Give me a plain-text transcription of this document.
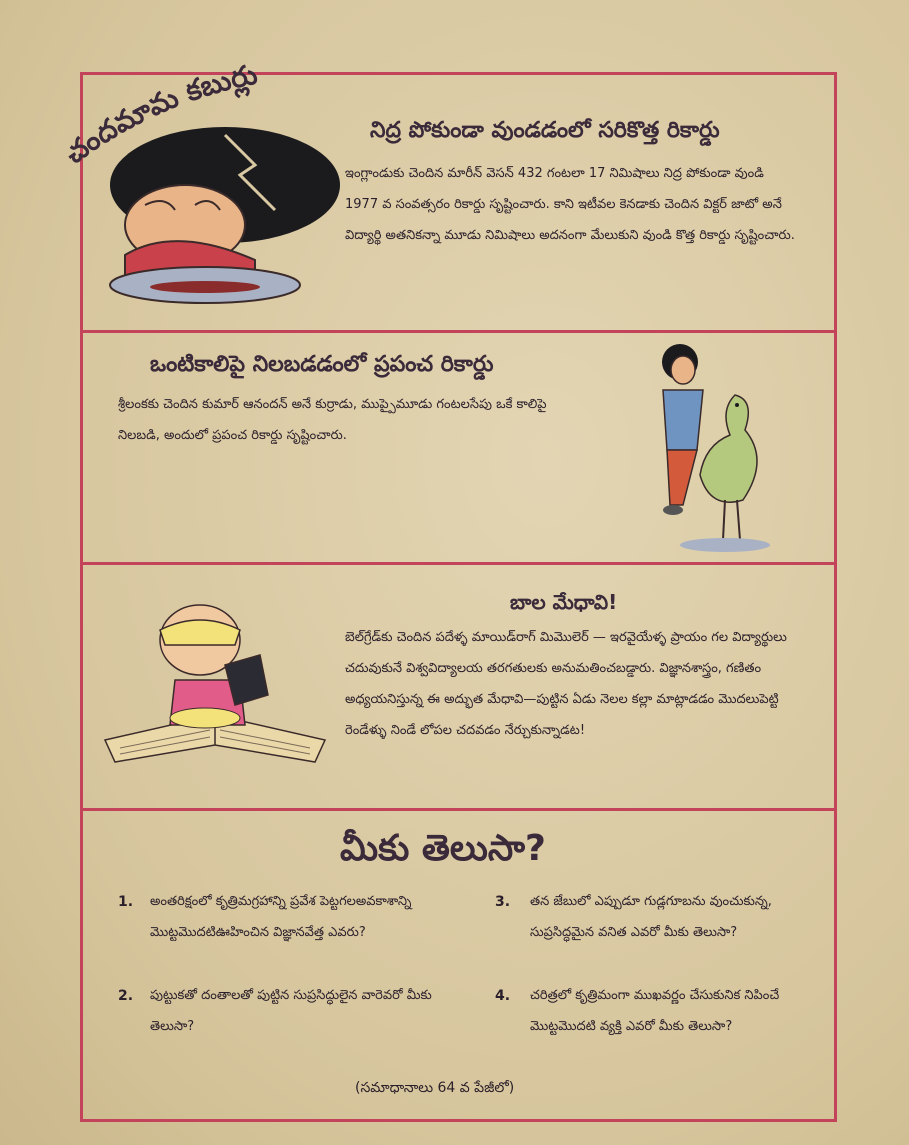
చందమామ కబుర్లు
నిద్ర పోకుండా వుండడంలో సరికొత్త రికార్డు
ఇంగ్లాండుకు చెందిన మారీన్ వెసన్ 432 గంటలా 17 నిమిషాలు నిద్ర పోకుండా వుండి 1977 వ సంవత్సరం రికార్డు సృష్టించారు. కాని ఇటీవల కెనడాకు చెందిన విక్టర్ జాటో అనే విద్యార్థి అతనికన్నా మూడు నిమిషాలు అదనంగా మేలుకుని వుండి కొత్త రికార్డు సృష్టించారు.
ఒంటికాలిపై నిలబడడంలో ప్రపంచ రికార్డు
శ్రీలంకకు చెందిన కుమార్ ఆనందన్ అనే కుర్రాడు, ముప్పైమూడు గంటలసేపు ఒకే కాలిపై నిలబడి, అందులో ప్రపంచ రికార్డు సృష్టించారు.
బాల మేధావి!
బెల్‌గ్రేడ్‌కు చెందిన పదేళ్ళ మాయిడ్‌రాగ్ మిమొలెర్ — ఇరవైయేళ్ళ ప్రాయం గల విద్యార్థులు చదువుకునే విశ్వవిద్యాలయ తరగతులకు అనుమతించబడ్డారు. విజ్ఞానశాస్త్రం, గణితం అధ్యయనిస్తున్న ఈ అద్భుత మేధావి—పుట్టిన ఏడు నెలల కల్లా మాట్లాడడం మొదలుపెట్టి రెండేళ్ళు నిండే లోపల చదవడం నేర్చుకున్నాడట!
మీకు తెలుసా?
1. అంతరిక్షంలో కృత్రిమగ్రహాన్ని ప్రవేశ పెట్టగలఅవకాశాన్ని మొట్టమొదటిఊహించిన విజ్ఞానవేత్త ఎవరు?
2. పుట్టుకతో దంతాలతో పుట్టిన సుప్రసిద్ధులైన వారెవరో మీకు తెలుసా?
3. తన జేబులో ఎప్పుడూ గుడ్లగూబను వుంచుకున్న, సుప్రసిద్ధమైన వనిత ఎవరో మీకు తెలుసా?
4. చరిత్రలో కృత్రిమంగా ముఖవర్ణం చేసుకునిక నిపించే మొట్టమొదటి వ్యక్తి ఎవరో మీకు తెలుసా?
(సమాధానాలు 64 వ పేజీలో)
